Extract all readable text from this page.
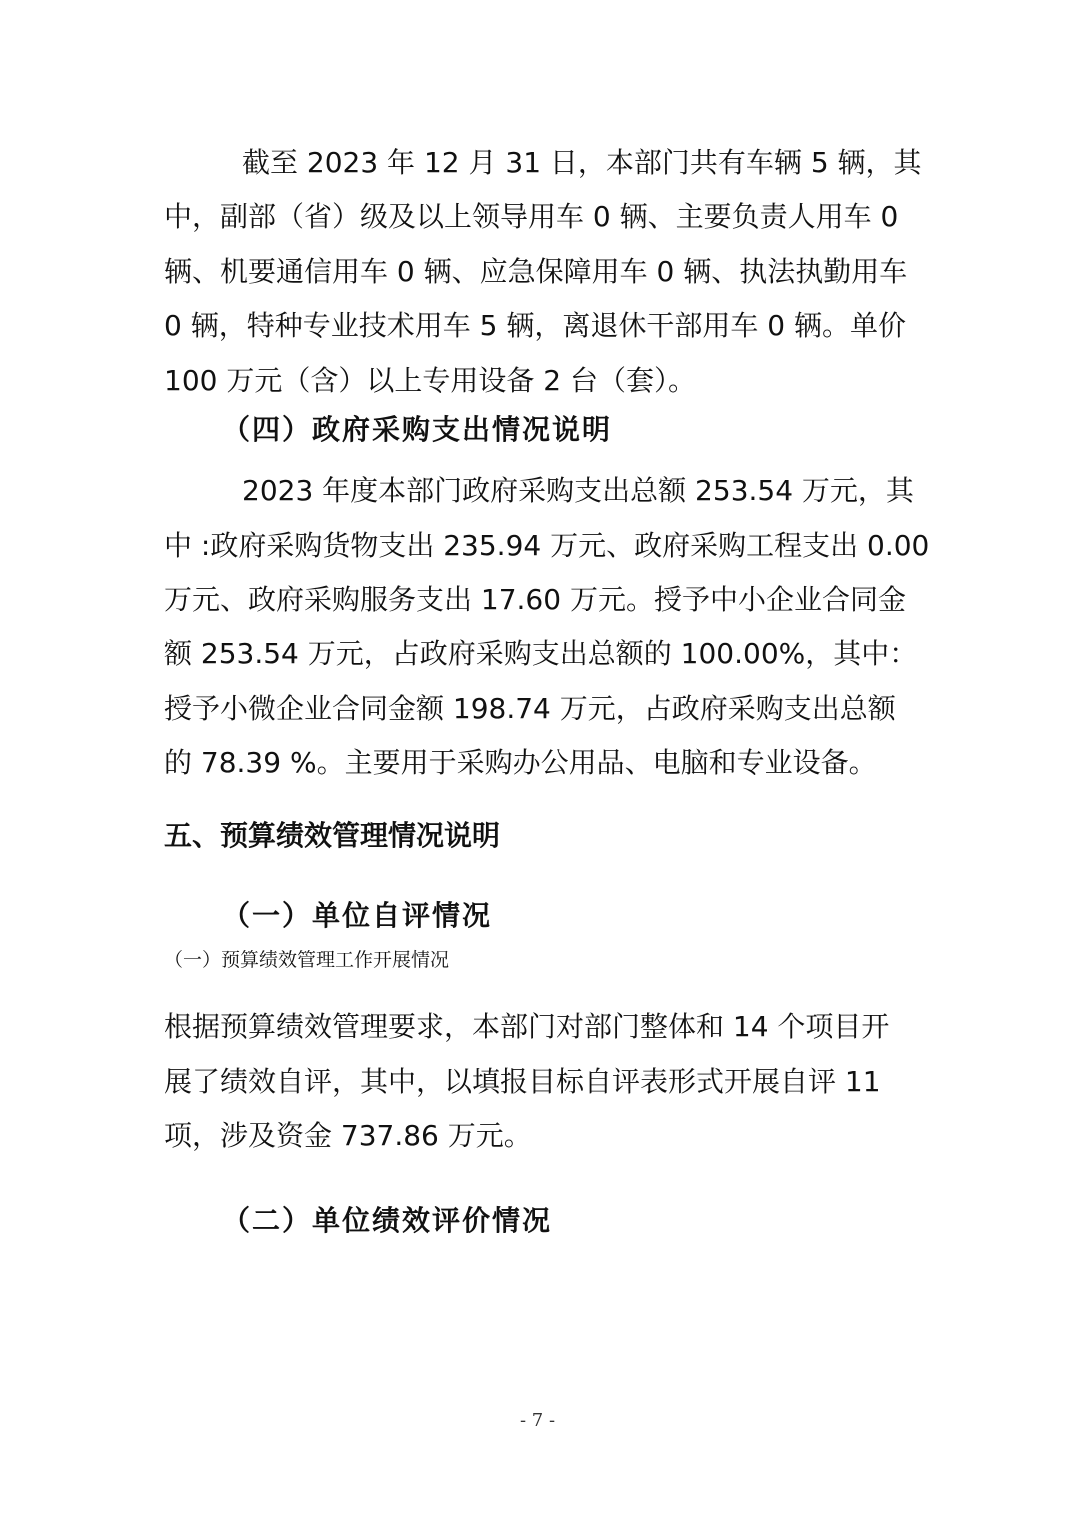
截至 2023 年 12 月 31 日，本部门共有车辆 5 辆，其
中，副部（省）级及以上领导用车 0 辆、主要负责人用车 0
辆、机要通信用车 0 辆、应急保障用车 0 辆、执法执勤用车
0 辆，特种专业技术用车 5 辆，离退休干部用车 0 辆。单价
100 万元（含）以上专用设备 2 台（套）。
（四）政府采购支出情况说明
2023 年度本部门政府采购支出总额 253.54 万元，其
中 :政府采购货物支出 235.94 万元、政府采购工程支出 0.00
万元、政府采购服务支出 17.60 万元。授予中小企业合同金
额 253.54 万元，占政府采购支出总额的 100.00%，其中：
授予小微企业合同金额 198.74 万元，占政府采购支出总额
的 78.39 %。主要用于采购办公用品、电脑和专业设备。
五、预算绩效管理情况说明
（一）单位自评情况
（一）预算绩效管理工作开展情况
根据预算绩效管理要求，本部门对部门整体和 14 个项目开
展了绩效自评，其中，以填报目标自评表形式开展自评 11
项，涉及资金 737.86 万元。
（二）单位绩效评价情况
- 7 -
